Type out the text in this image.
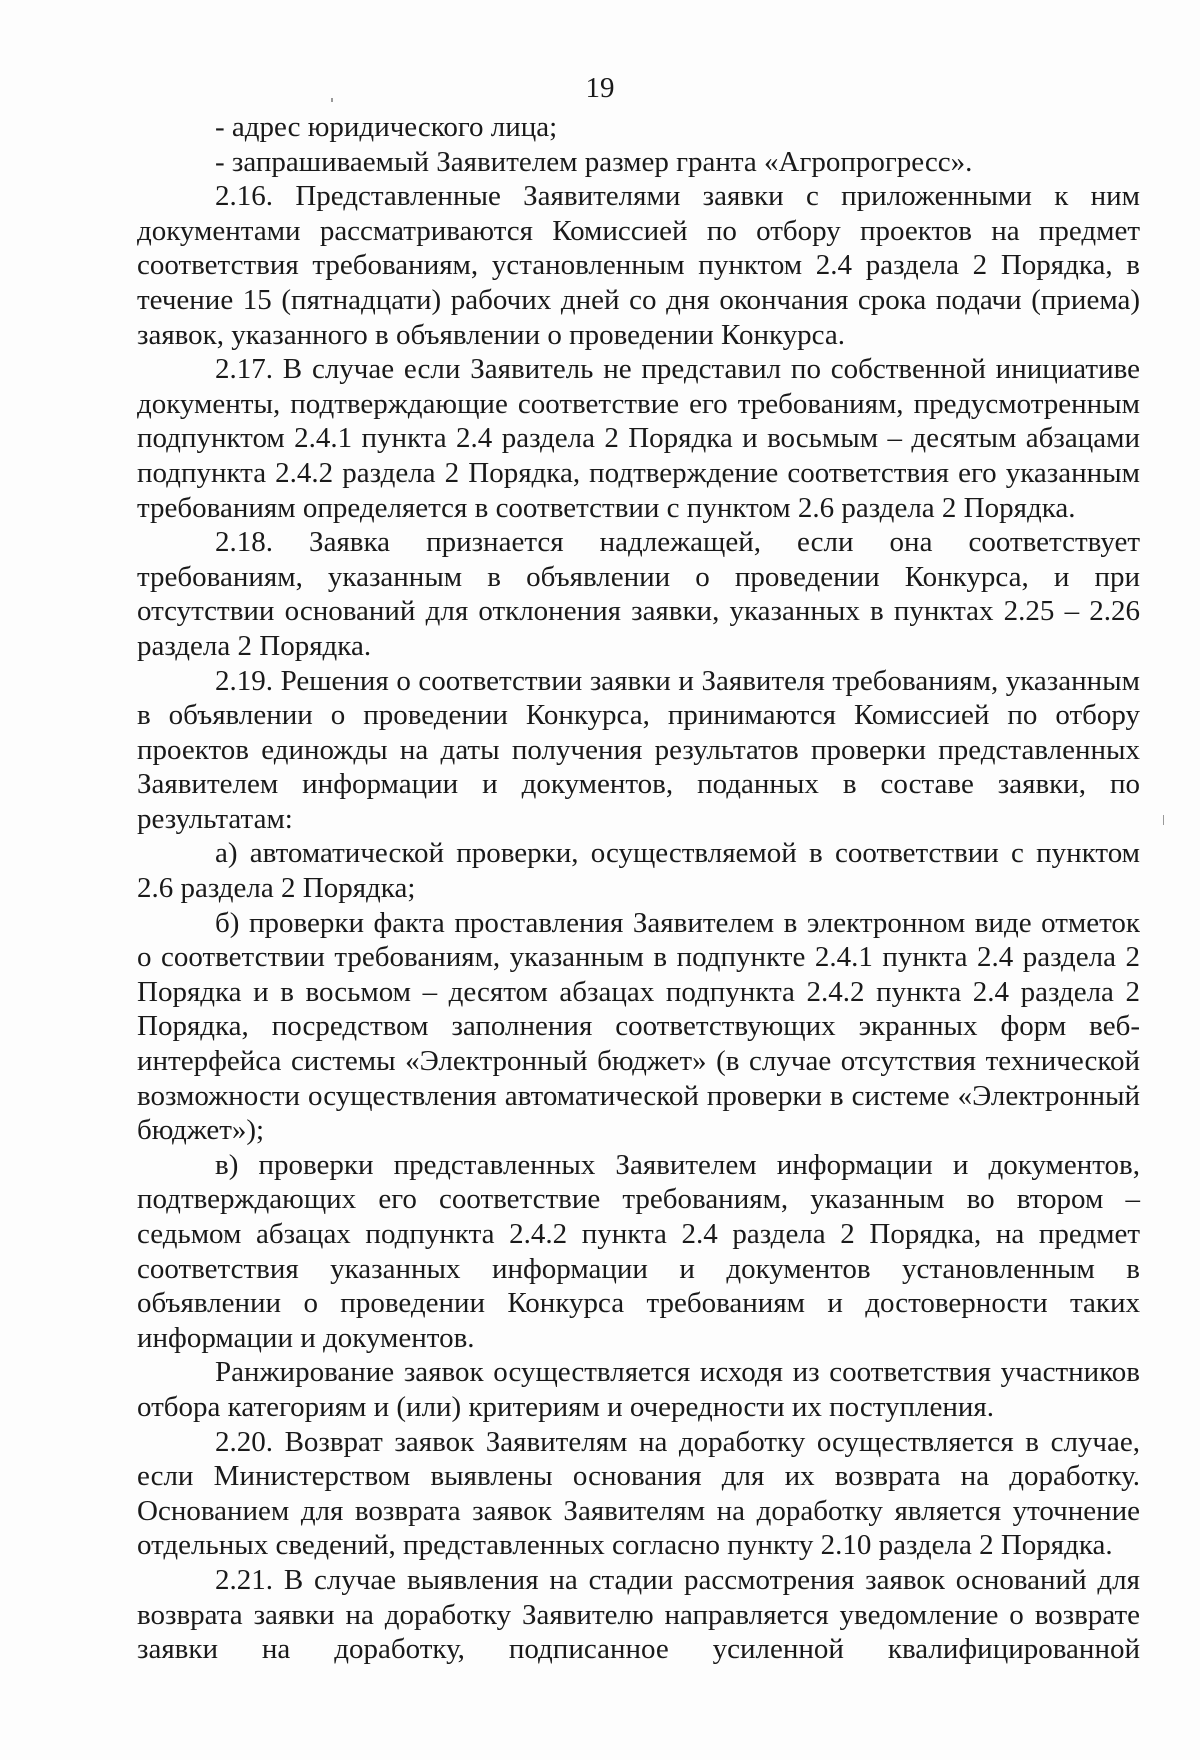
19

- адрес юридического лица;

- запрашиваемый Заявителем размер гранта «Агропрогресс».

2.16. Представленные Заявителями заявки с приложенными к ним документами рассматриваются Комиссией по отбору проектов на предмет соответствия требованиям, установленным пунктом 2.4 раздела 2 Порядка, в течение 15 (пятнадцати) рабочих дней со дня окончания срока подачи (приема) заявок, указанного в объявлении о проведении Конкурса.

2.17. В случае если Заявитель не представил по собственной инициативе документы, подтверждающие соответствие его требованиям, предусмотренным подпунктом 2.4.1 пункта 2.4 раздела 2 Порядка и восьмым – десятым абзацами подпункта 2.4.2 раздела 2 Порядка, подтверждение соответствия его указанным требованиям определяется в соответствии с пунктом 2.6 раздела 2 Порядка.

2.18. Заявка признается надлежащей, если она соответствует требованиям, указанным в объявлении о проведении Конкурса, и при отсутствии оснований для отклонения заявки, указанных в пунктах 2.25 – 2.26 раздела 2 Порядка.

2.19. Решения о соответствии заявки и Заявителя требованиям, указанным в объявлении о проведении Конкурса, принимаются Комиссией по отбору проектов единожды на даты получения результатов проверки представленных Заявителем информации и документов, поданных в составе заявки, по результатам:

а) автоматической проверки, осуществляемой в соответствии с пунктом 2.6 раздела 2 Порядка;

б) проверки факта проставления Заявителем в электронном виде отметок о соответствии требованиям, указанным в подпункте 2.4.1 пункта 2.4 раздела 2 Порядка и в восьмом – десятом абзацах подпункта 2.4.2 пункта 2.4 раздела 2 Порядка, посредством заполнения соответствующих экранных форм веб-интерфейса системы «Электронный бюджет» (в случае отсутствия технической возможности осуществления автоматической проверки в системе «Электронный бюджет»);

в) проверки представленных Заявителем информации и документов, подтверждающих его соответствие требованиям, указанным во втором – седьмом абзацах подпункта 2.4.2 пункта 2.4 раздела 2 Порядка, на предмет соответствия указанных информации и документов установленным в объявлении о проведении Конкурса требованиям и достоверности таких информации и документов.

Ранжирование заявок осуществляется исходя из соответствия участников отбора категориям и (или) критериям и очередности их поступления.

2.20. Возврат заявок Заявителям на доработку осуществляется в случае, если Министерством выявлены основания для их возврата на доработку. Основанием для возврата заявок Заявителям на доработку является уточнение отдельных сведений, представленных согласно пункту 2.10 раздела 2 Порядка.

2.21. В случае выявления на стадии рассмотрения заявок оснований для возврата заявки на доработку Заявителю направляется уведомление о возврате заявки на доработку, подписанное усиленной квалифицированной
